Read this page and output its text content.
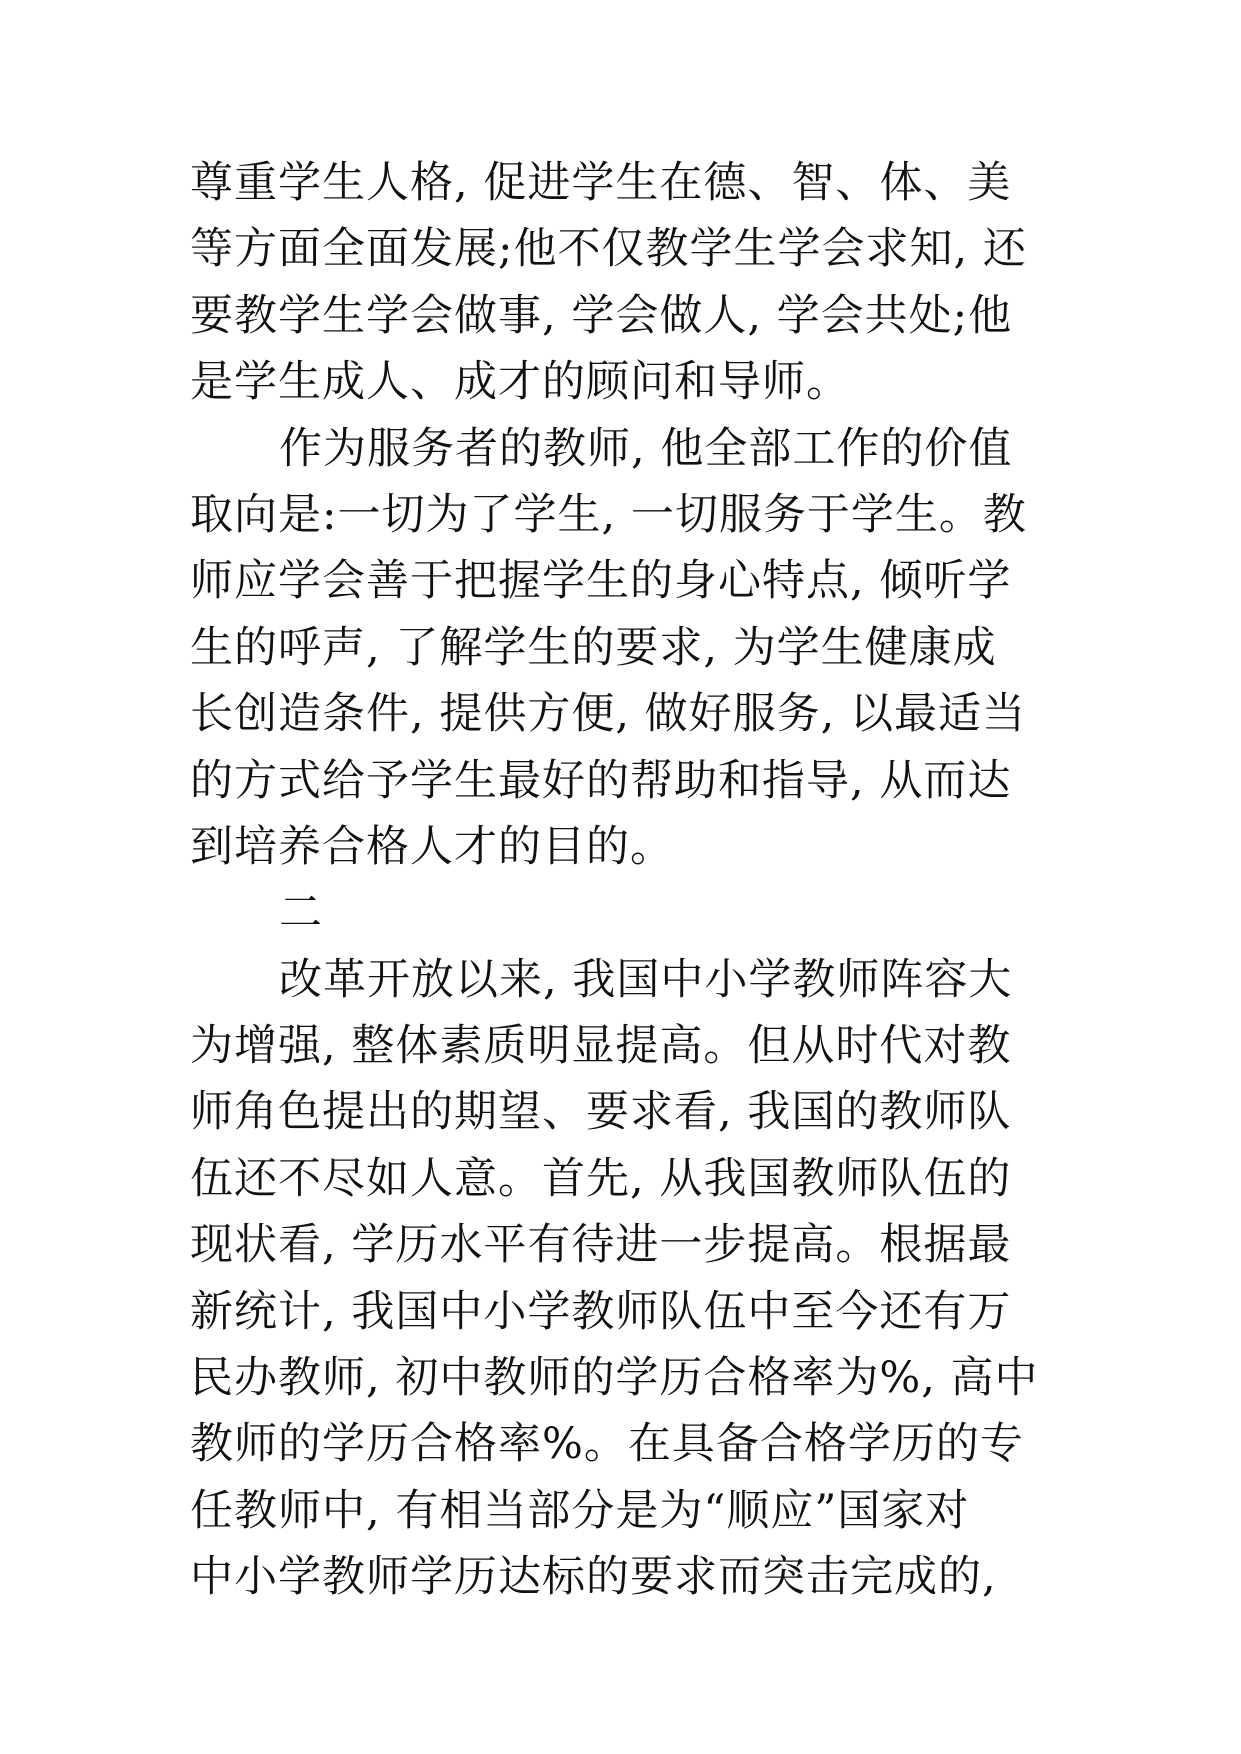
尊重学生人格, 促进学生在德、智、体、美
等方面全面发展;他不仅教学生学会求知, 还
要教学生学会做事, 学会做人, 学会共处;他
是学生成人、成才的顾问和导师。
作为服务者的教师, 他全部工作的价值
取向是:一切为了学生, 一切服务于学生。教
师应学会善于把握学生的身心特点, 倾听学
生的呼声, 了解学生的要求, 为学生健康成
长创造条件, 提供方便, 做好服务, 以最适当
的方式给予学生最好的帮助和指导, 从而达
到培养合格人才的目的。
二
改革开放以来, 我国中小学教师阵容大
为增强, 整体素质明显提高。但从时代对教
师角色提出的期望、要求看, 我国的教师队
伍还不尽如人意。首先, 从我国教师队伍的
现状看, 学历水平有待进一步提高。根据最
新统计, 我国中小学教师队伍中至今还有万
民办教师, 初中教师的学历合格率为%, 高中
教师的学历合格率%。在具备合格学历的专
任教师中, 有相当部分是为“顺应”国家对
中小学教师学历达标的要求而突击完成的,
